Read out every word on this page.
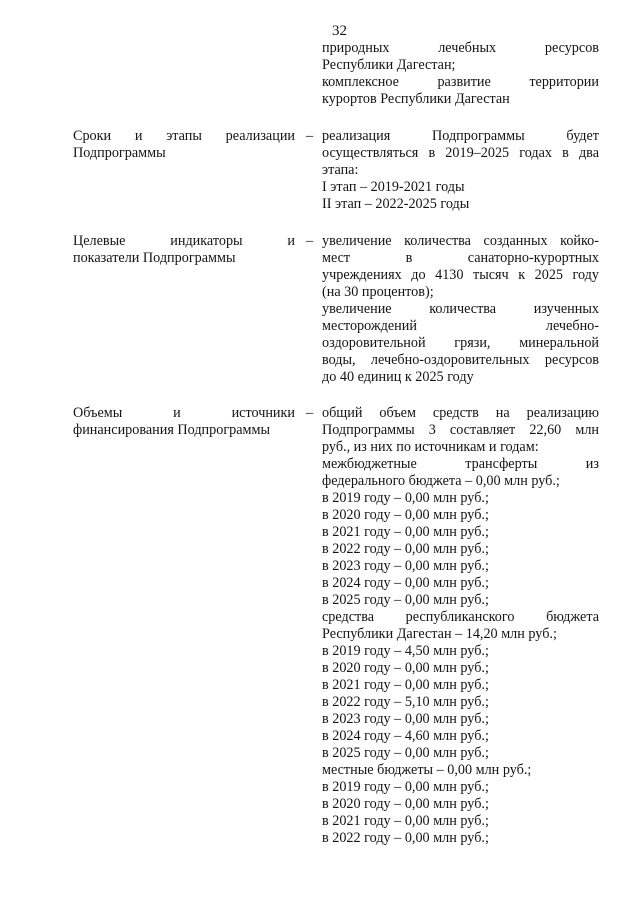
32
природных лечебных ресурсов
Республики Дагестан;
комплексное развитие территории
курортов Республики Дагестан
Сроки и этапы реализации
Подпрограммы
– реализация Подпрограммы будет
осуществляться в 2019–2025 годах в два
этапа:
I этап – 2019-2021 годы
II этап – 2022-2025 годы
Целевые индикаторы и
показатели Подпрограммы
– увеличение количества созданных койко-
мест в санаторно-курортных
учреждениях до 4130 тысяч к 2025 году
(на 30 процентов);
увеличение количества изученных
месторождений лечебно-
оздоровительной грязи, минеральной
воды, лечебно-оздоровительных ресурсов
до 40 единиц к 2025 году
Объемы и источники
финансирования Подпрограммы
– общий объем средств на реализацию
Подпрограммы 3 составляет 22,60 млн
руб., из них по источникам и годам:
межбюджетные трансферты из
федерального бюджета – 0,00 млн руб.;
в 2019 году – 0,00 млн руб.;
в 2020 году – 0,00 млн руб.;
в 2021 году – 0,00 млн руб.;
в 2022 году – 0,00 млн руб.;
в 2023 году – 0,00 млн руб.;
в 2024 году – 0,00 млн руб.;
в 2025 году – 0,00 млн руб.;
средства республиканского бюджета
Республики Дагестан – 14,20 млн руб.;
в 2019 году – 4,50 млн руб.;
в 2020 году – 0,00 млн руб.;
в 2021 году – 0,00 млн руб.;
в 2022 году – 5,10 млн руб.;
в 2023 году – 0,00 млн руб.;
в 2024 году – 4,60 млн руб.;
в 2025 году – 0,00 млн руб.;
местные бюджеты – 0,00 млн руб.;
в 2019 году – 0,00 млн руб.;
в 2020 году – 0,00 млн руб.;
в 2021 году – 0,00 млн руб.;
в 2022 году – 0,00 млн руб.;
